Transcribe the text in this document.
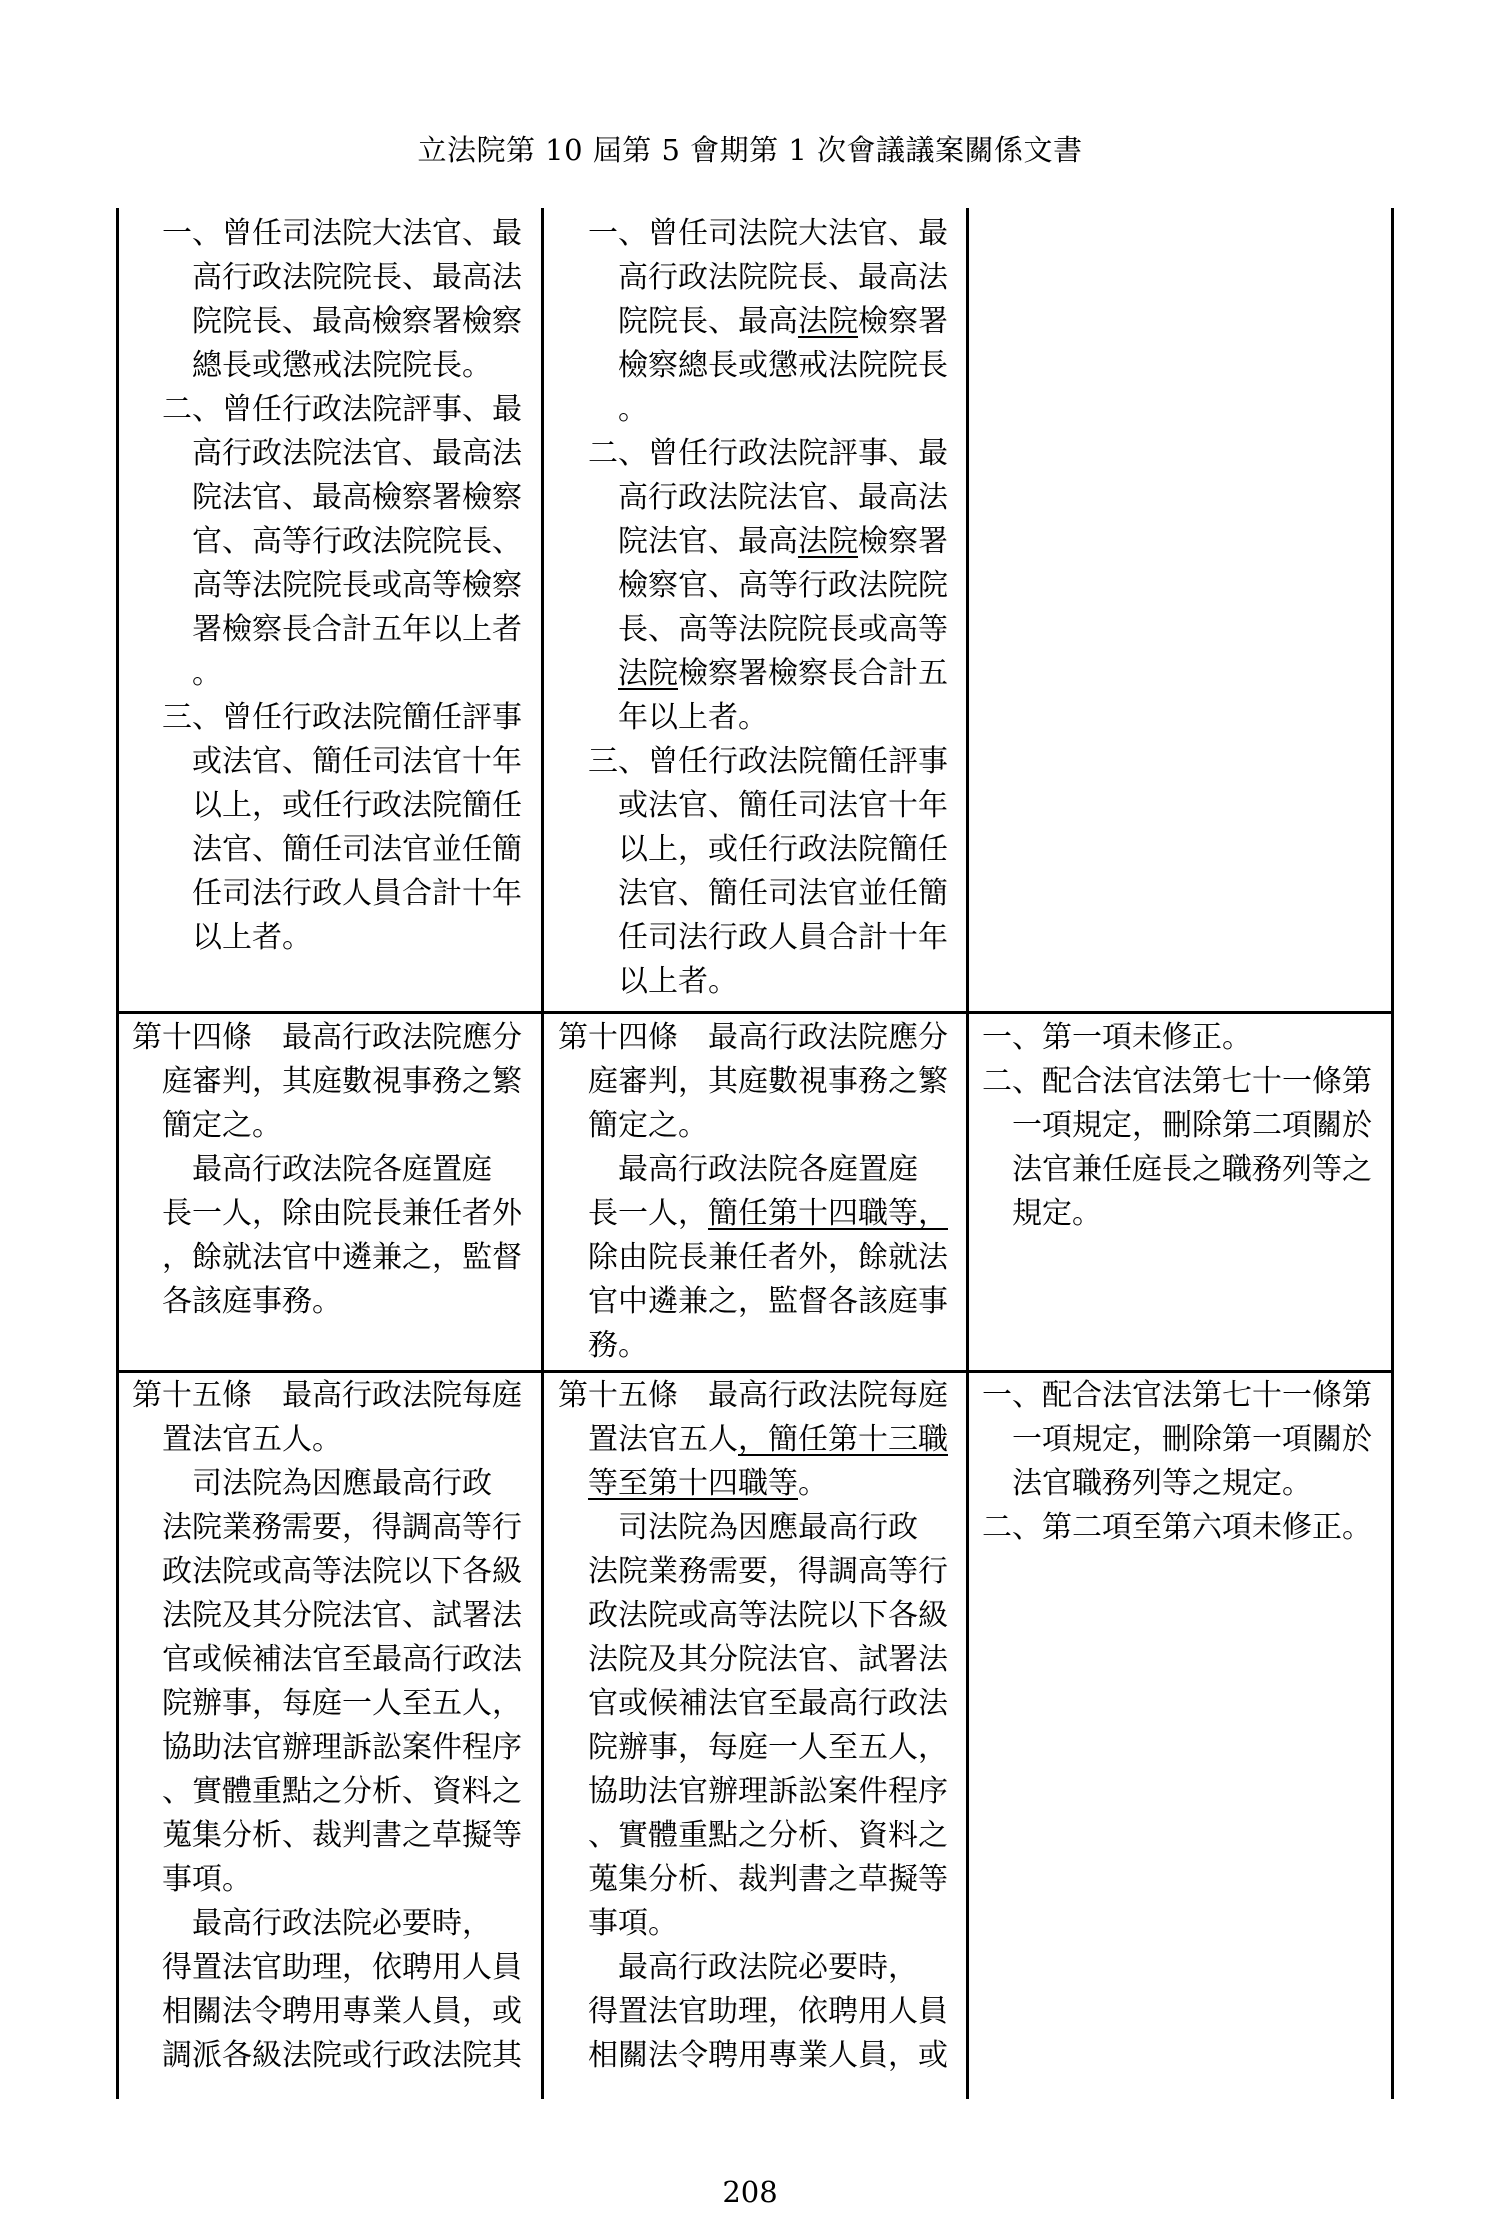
立法院第 10 屆第 5 會期第 1 次會議議案關係文書
一、曾任司法院大法官、最
　高行政法院院長、最高法
　院院長、最高檢察署檢察
　總長或懲戒法院院長。
二、曾任行政法院評事、最
　高行政法院法官、最高法
　院法官、最高檢察署檢察
　官、高等行政法院院長、
　高等法院院長或高等檢察
　署檢察長合計五年以上者
　。
三、曾任行政法院簡任評事
　或法官、簡任司法官十年
　以上，或任行政法院簡任
　法官、簡任司法官並任簡
　任司法行政人員合計十年
　以上者。
一、曾任司法院大法官、最
　高行政法院院長、最高法
　院院長、最高法院檢察署
　檢察總長或懲戒法院院長
　。
二、曾任行政法院評事、最
　高行政法院法官、最高法
　院法官、最高法院檢察署
　檢察官、高等行政法院院
　長、高等法院院長或高等
　法院檢察署檢察長合計五
　年以上者。
三、曾任行政法院簡任評事
　或法官、簡任司法官十年
　以上，或任行政法院簡任
　法官、簡任司法官並任簡
　任司法行政人員合計十年
　以上者。
第十四條　最高行政法院應分
　庭審判，其庭數視事務之繁
　簡定之。
　　最高行政法院各庭置庭
　長一人，除由院長兼任者外
　，餘就法官中遴兼之，監督
　各該庭事務。
第十四條　最高行政法院應分
　庭審判，其庭數視事務之繁
　簡定之。
　　最高行政法院各庭置庭
　長一人，簡任第十四職等，
　除由院長兼任者外，餘就法
　官中遴兼之，監督各該庭事
　務。
一、第一項未修正。
二、配合法官法第七十一條第
　一項規定，刪除第二項關於
　法官兼任庭長之職務列等之
　規定。
第十五條　最高行政法院每庭
　置法官五人。
　　司法院為因應最高行政
　法院業務需要，得調高等行
　政法院或高等法院以下各級
　法院及其分院法官、試署法
　官或候補法官至最高行政法
　院辦事，每庭一人至五人，
　協助法官辦理訴訟案件程序
　、實體重點之分析、資料之
　蒐集分析、裁判書之草擬等
　事項。
　　最高行政法院必要時，
　得置法官助理，依聘用人員
　相關法令聘用專業人員，或
　調派各級法院或行政法院其
第十五條　最高行政法院每庭
　置法官五人，簡任第十三職
　等至第十四職等。
　　司法院為因應最高行政
　法院業務需要，得調高等行
　政法院或高等法院以下各級
　法院及其分院法官、試署法
　官或候補法官至最高行政法
　院辦事，每庭一人至五人，
　協助法官辦理訴訟案件程序
　、實體重點之分析、資料之
　蒐集分析、裁判書之草擬等
　事項。
　　最高行政法院必要時，
　得置法官助理，依聘用人員
　相關法令聘用專業人員，或
一、配合法官法第七十一條第
　一項規定，刪除第一項關於
　法官職務列等之規定。
二、第二項至第六項未修正。
208
